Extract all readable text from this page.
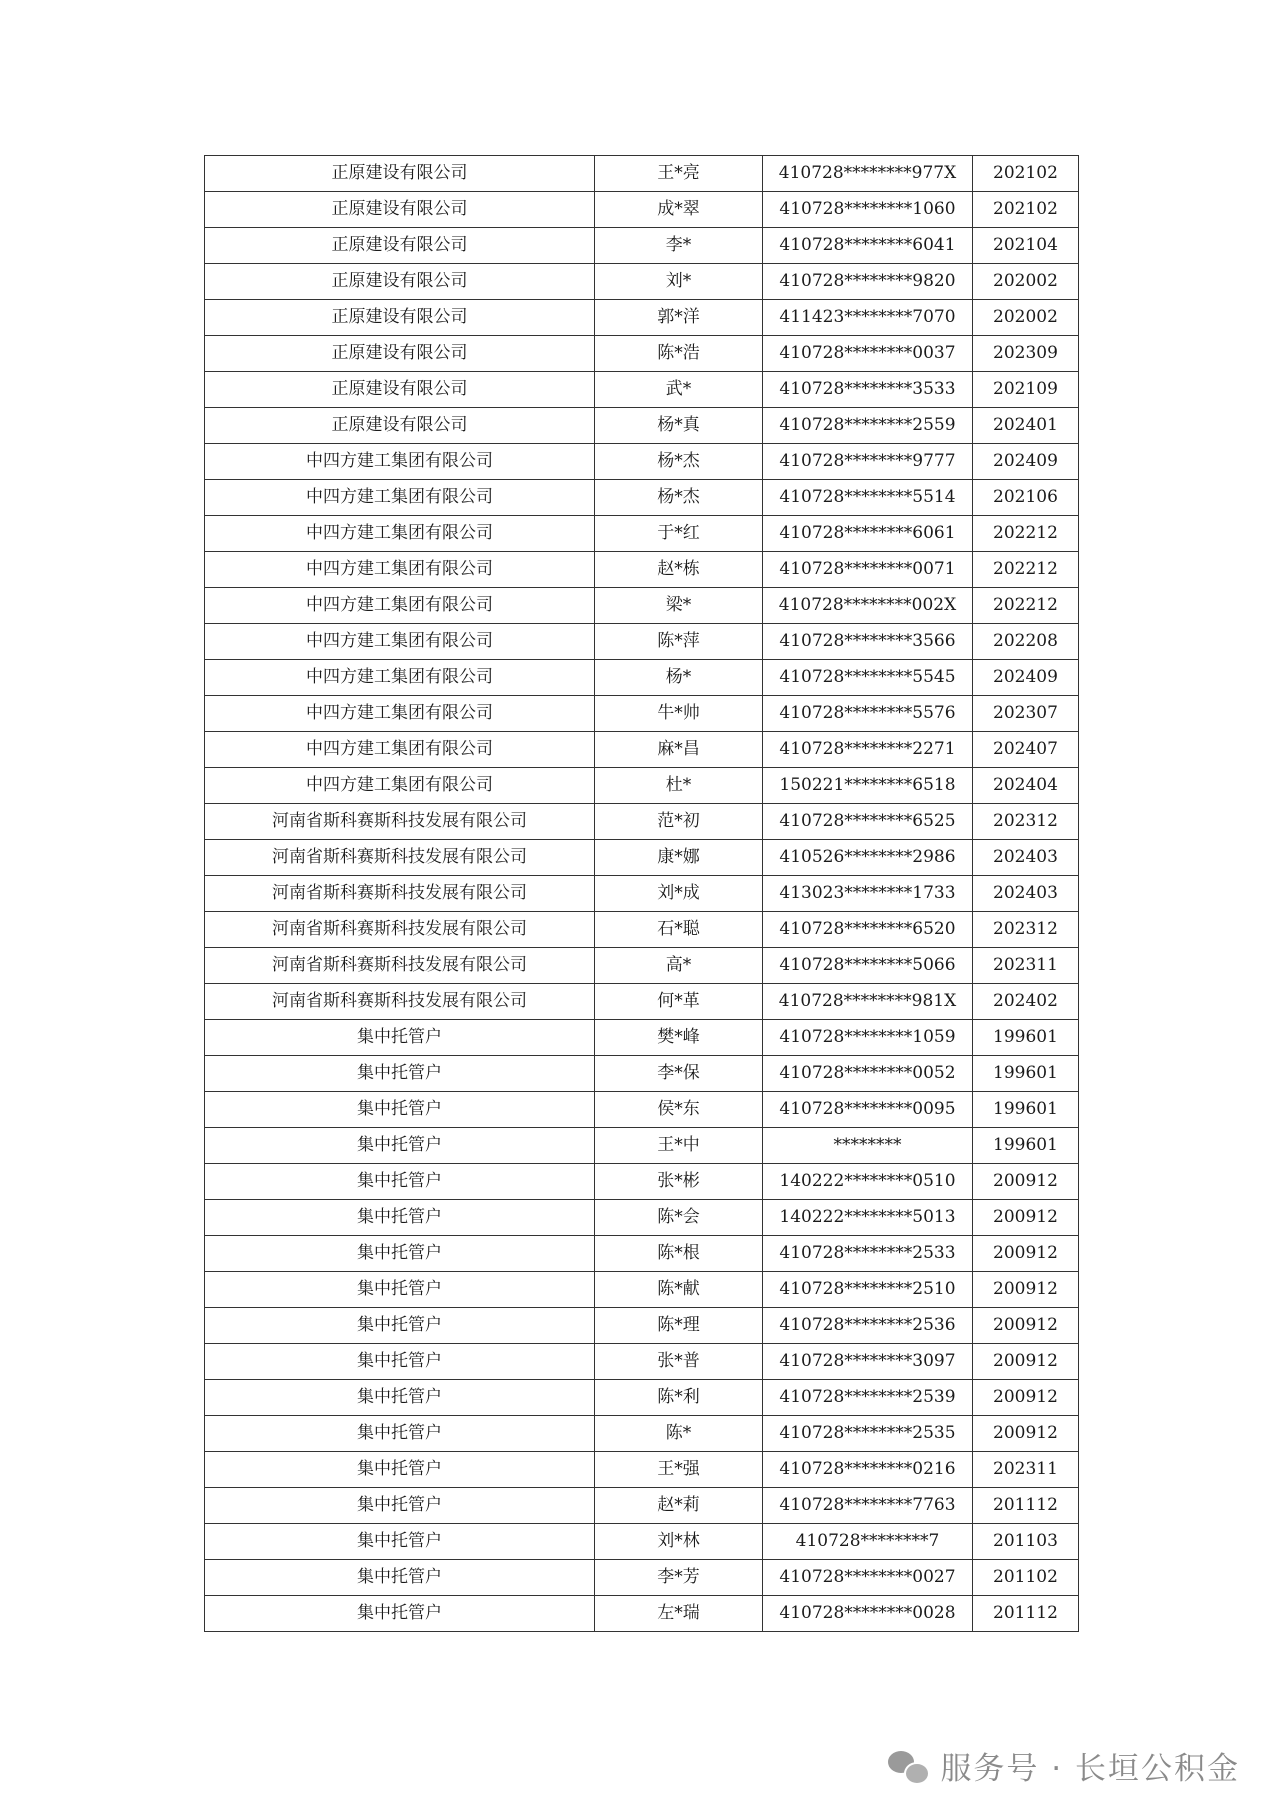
正原建设有限公司	王*亮	410728********977X	202102
正原建设有限公司	成*翠	410728********1060	202102
正原建设有限公司	李*	410728********6041	202104
正原建设有限公司	刘*	410728********9820	202002
正原建设有限公司	郭*洋	411423********7070	202002
正原建设有限公司	陈*浩	410728********0037	202309
正原建设有限公司	武*	410728********3533	202109
正原建设有限公司	杨*真	410728********2559	202401
中四方建工集团有限公司	杨*杰	410728********9777	202409
中四方建工集团有限公司	杨*杰	410728********5514	202106
中四方建工集团有限公司	于*红	410728********6061	202212
中四方建工集团有限公司	赵*栋	410728********0071	202212
中四方建工集团有限公司	梁*	410728********002X	202212
中四方建工集团有限公司	陈*萍	410728********3566	202208
中四方建工集团有限公司	杨*	410728********5545	202409
中四方建工集团有限公司	牛*帅	410728********5576	202307
中四方建工集团有限公司	麻*昌	410728********2271	202407
中四方建工集团有限公司	杜*	150221********6518	202404
河南省斯科赛斯科技发展有限公司	范*初	410728********6525	202312
河南省斯科赛斯科技发展有限公司	康*娜	410526********2986	202403
河南省斯科赛斯科技发展有限公司	刘*成	413023********1733	202403
河南省斯科赛斯科技发展有限公司	石*聪	410728********6520	202312
河南省斯科赛斯科技发展有限公司	高*	410728********5066	202311
河南省斯科赛斯科技发展有限公司	何*革	410728********981X	202402
集中托管户	樊*峰	410728********1059	199601
集中托管户	李*保	410728********0052	199601
集中托管户	侯*东	410728********0095	199601
集中托管户	王*中	********	199601
集中托管户	张*彬	140222********0510	200912
集中托管户	陈*会	140222********5013	200912
集中托管户	陈*根	410728********2533	200912
集中托管户	陈*献	410728********2510	200912
集中托管户	陈*理	410728********2536	200912
集中托管户	张*普	410728********3097	200912
集中托管户	陈*利	410728********2539	200912
集中托管户	陈*	410728********2535	200912
集中托管户	王*强	410728********0216	202311
集中托管户	赵*莉	410728********7763	201112
集中托管户	刘*林	410728********7	201103
集中托管户	李*芳	410728********0027	201102
集中托管户	左*瑞	410728********0028	201112
服务号 · 长垣公积金
